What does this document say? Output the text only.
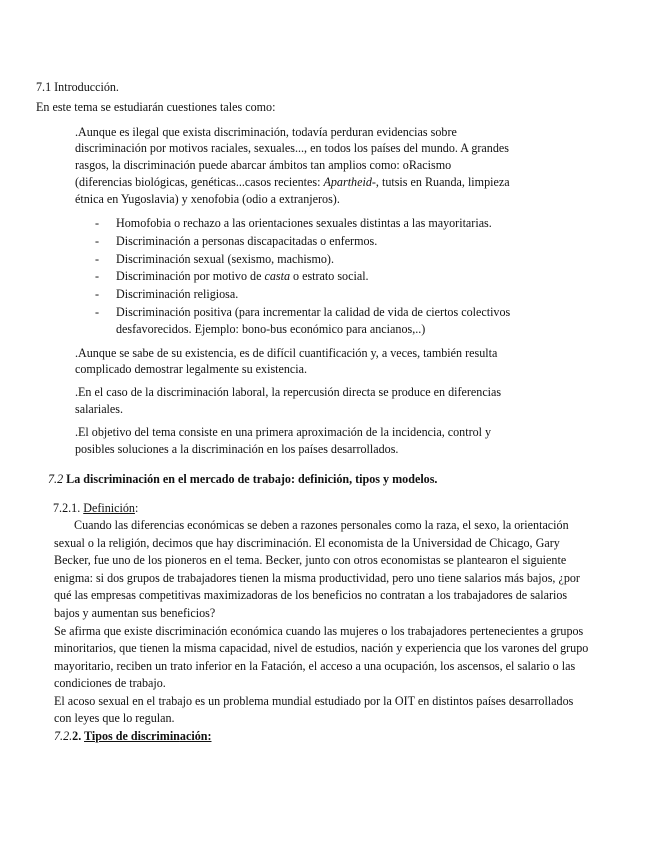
7.1 Introducción.
En este tema se estudiarán cuestiones tales como:
.Aunque es ilegal que exista discriminación, todavía perduran evidencias sobre
discriminación por motivos raciales, sexuales..., en todos los países del mundo. A grandes
rasgos, la discriminación puede abarcar ámbitos tan amplios como: oRacismo
(diferencias biológicas, genéticas...casos recientes: Apartheid-, tutsis en Ruanda, limpieza
étnica en Yugoslavia) y xenofobia (odio a extranjeros).
- Homofobia o rechazo a las orientaciones sexuales distintas a las mayoritarias.
- Discriminación a personas discapacitadas o enfermos.
- Discriminación sexual (sexismo, machismo).
- Discriminación por motivo de casta o estrato social.
- Discriminación religiosa.
- Discriminación positiva (para incrementar la calidad de vida de ciertos colectivos
desfavorecidos. Ejemplo: bono-bus económico para ancianos,..)
.Aunque se sabe de su existencia, es de difícil cuantificación y, a veces, también resulta
complicado demostrar legalmente su existencia.
.En el caso de la discriminación laboral, la repercusión directa se produce en diferencias
salariales.
.El objetivo del tema consiste en una primera aproximación de la incidencia, control y
posibles soluciones a la discriminación en los países desarrollados.
7.2 La discriminación en el mercado de trabajo: definición, tipos y modelos.
7.2.1. Definición:
Cuando las diferencias económicas se deben a razones personales como la raza, el sexo, la orientación
sexual o la religión, decimos que hay discriminación. El economista de la Universidad de Chicago, Gary
Becker, fue uno de los pioneros en el tema. Becker, junto con otros economistas se plantearon el siguiente
enigma: si dos grupos de trabajadores tienen la misma productividad, pero uno tiene salarios más bajos, ¿por
qué las empresas competitivas maximizadoras de los beneficios no contratan a los trabajadores de salarios
bajos y aumentan sus beneficios?
Se afirma que existe discriminación económica cuando las mujeres o los trabajadores pertenecientes a grupos
minoritarios, que tienen la misma capacidad, nivel de estudios, nación y experiencia que los varones del grupo
mayoritario, reciben un trato inferior en la Fatación, el acceso a una ocupación, los ascensos, el salario o las
condiciones de trabajo.
El acoso sexual en el trabajo es un problema mundial estudiado por la OIT en distintos países desarrollados
con leyes que lo regulan.
7.2.2. Tipos de discriminación:
